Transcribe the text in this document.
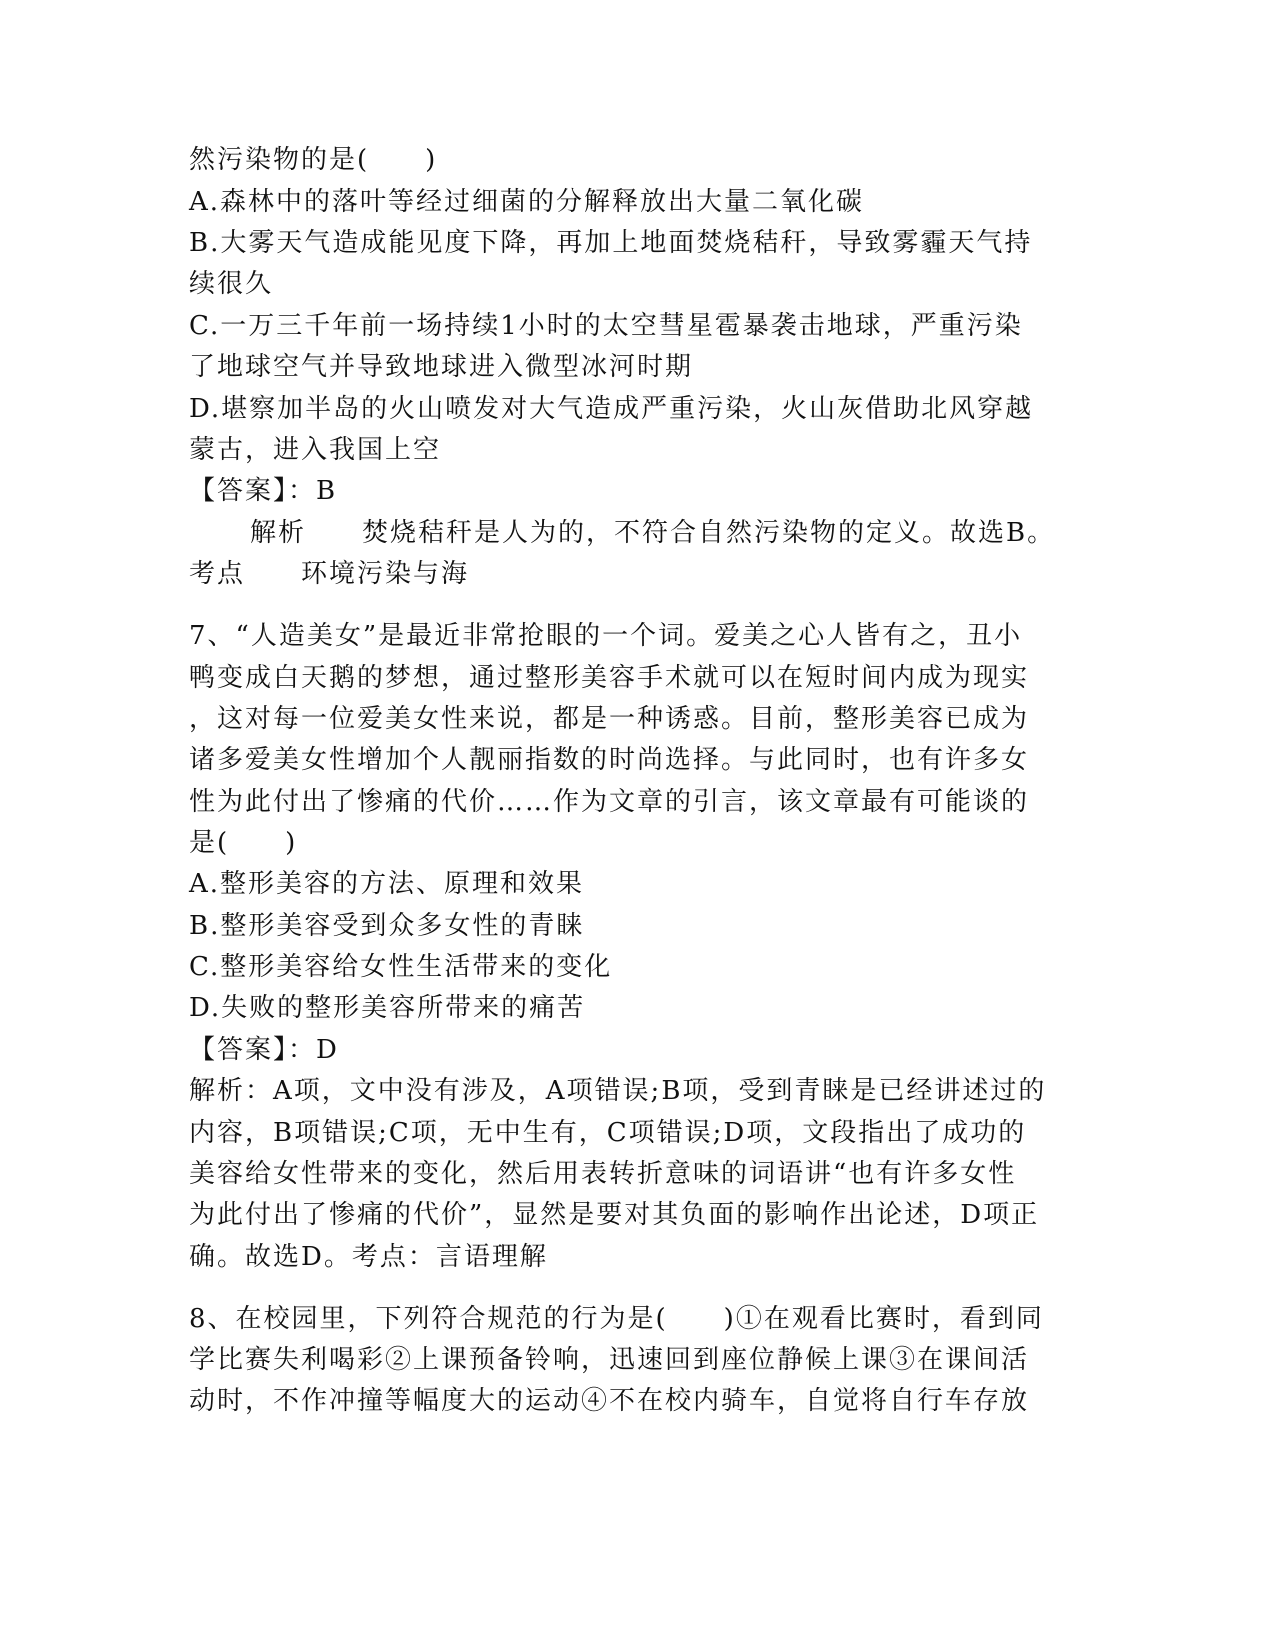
然污染物的是(　　)

A.森林中的落叶等经过细菌的分解释放出大量二氧化碳

B.大雾天气造成能见度下降，再加上地面焚烧秸秆，导致雾霾天气持

续很久

C.一万三千年前一场持续1小时的太空彗星雹暴袭击地球，严重污染

了地球空气并导致地球进入微型冰河时期

D.堪察加半岛的火山喷发对大气造成严重污染，火山灰借助北风穿越

蒙古，进入我国上空

【答案】：B

解析　　焚烧秸秆是人为的，不符合自然污染物的定义。故选B。

考点　　环境污染与海

7、“人造美女”是最近非常抢眼的一个词。爱美之心人皆有之，丑小

鸭变成白天鹅的梦想，通过整形美容手术就可以在短时间内成为现实

，这对每一位爱美女性来说，都是一种诱惑。目前，整形美容已成为

诸多爱美女性增加个人靓丽指数的时尚选择。与此同时，也有许多女

性为此付出了惨痛的代价……作为文章的引言，该文章最有可能谈的

是(　　)

A.整形美容的方法、原理和效果

B.整形美容受到众多女性的青睐

C.整形美容给女性生活带来的变化

D.失败的整形美容所带来的痛苦

【答案】：D

解析：A项，文中没有涉及，A项错误;B项，受到青睐是已经讲述过的

内容，B项错误;C项，无中生有，C项错误;D项，文段指出了成功的

美容给女性带来的变化，然后用表转折意味的词语讲“也有许多女性

为此付出了惨痛的代价”，显然是要对其负面的影响作出论述，D项正

确。故选D。考点：言语理解

8、在校园里，下列符合规范的行为是(　　)①在观看比赛时，看到同

学比赛失利喝彩②上课预备铃响，迅速回到座位静候上课③在课间活

动时，不作冲撞等幅度大的运动④不在校内骑车，自觉将自行车存放
